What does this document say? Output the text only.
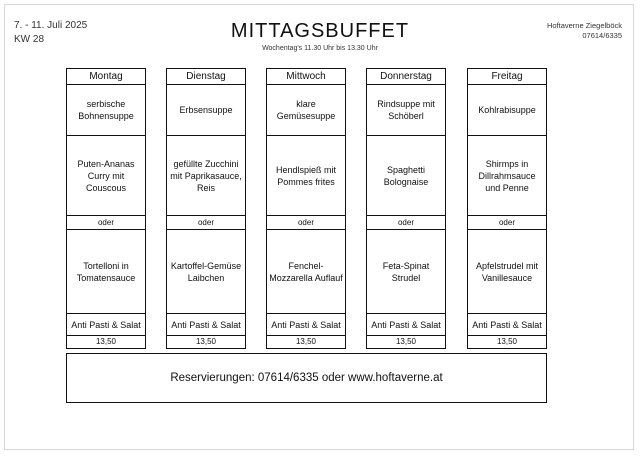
7. - 11. Juli 2025
KW 28	MITTAGSBUFFET
Wochentag's 11.30 Uhr bis 13.30 Uhr
Hoftaverne Ziegelböck
07614/6335
Montag
serbische Bohnensuppe
Puten-Ananas Curry mit Couscous
oder
Tortelloni in Tomatensauce
Anti Pasti & Salat
13,50
Dienstag
Erbsensuppe
gefüllte Zucchini mit Paprikasauce, Reis
oder
Kartoffel-Gemüse Laibchen
Anti Pasti & Salat
13,50
Mittwoch
klare Gemüsesuppe
Hendlspieß mit Pommes frites
oder
Fenchel-Mozzarella Auflauf
Anti Pasti & Salat
13,50
Donnerstag
Rindsuppe mit Schöberl
Spaghetti Bolognaise
oder
Feta-Spinat Strudel
Anti Pasti & Salat
13,50
Freitag
Kohlrabisuppe
Shirmps in Dillrahmsauce und Penne
oder
Apfelstrudel mit Vanillesauce
Anti Pasti & Salat
13,50
Reservierungen: 07614/6335 oder www.hoftaverne.at
